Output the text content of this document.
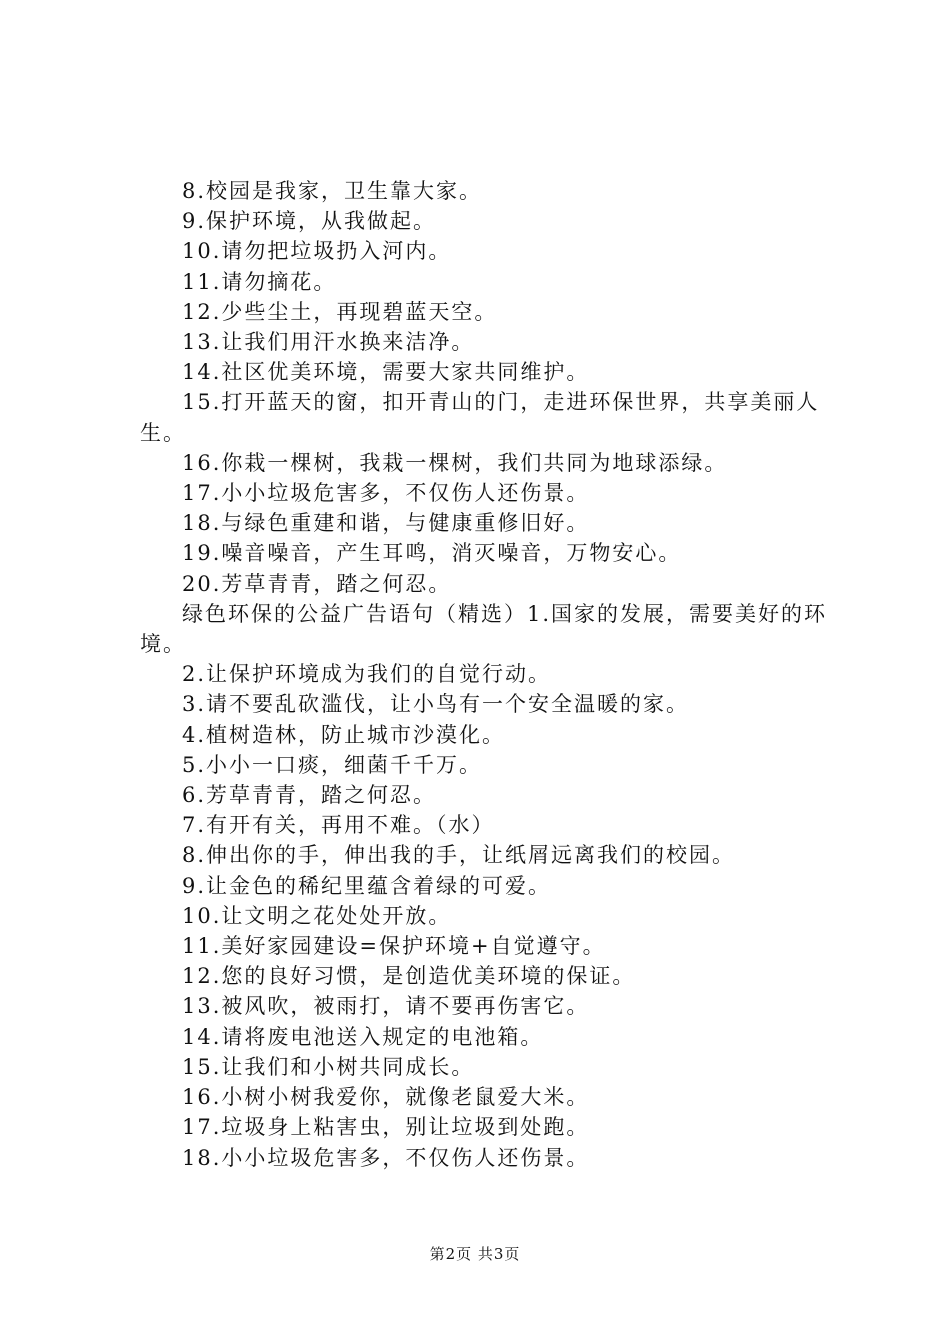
8.校园是我家，卫生靠大家。

9.保护环境，从我做起。

10.请勿把垃圾扔入河内。

11.请勿摘花。

12.少些尘土，再现碧蓝天空。

13.让我们用汗水换来洁净。

14.社区优美环境，需要大家共同维护。

15.打开蓝天的窗，扣开青山的门，走进环保世界，共享美丽人生。

16.你栽一棵树，我栽一棵树，我们共同为地球添绿。

17.小小垃圾危害多，不仅伤人还伤景。

18.与绿色重建和谐，与健康重修旧好。

19.噪音噪音，产生耳鸣，消灭噪音，万物安心。

20.芳草青青，踏之何忍。

绿色环保的公益广告语句（精选）1.国家的发展，需要美好的环境。

2.让保护环境成为我们的自觉行动。

3.请不要乱砍滥伐，让小鸟有一个安全温暖的家。

4.植树造林，防止城市沙漠化。

5.小小一口痰，细菌千千万。

6.芳草青青，踏之何忍。

7.有开有关，再用不难。（水）

8.伸出你的手，伸出我的手，让纸屑远离我们的校园。

9.让金色的稀纪里蕴含着绿的可爱。

10.让文明之花处处开放。

11.美好家园建设=保护环境+自觉遵守。

12.您的良好习惯，是创造优美环境的保证。

13.被风吹，被雨打，请不要再伤害它。

14.请将废电池送入规定的电池箱。

15.让我们和小树共同成长。

16.小树小树我爱你，就像老鼠爱大米。

17.垃圾身上粘害虫，别让垃圾到处跑。

18.小小垃圾危害多，不仅伤人还伤景。

第2页 共3页
